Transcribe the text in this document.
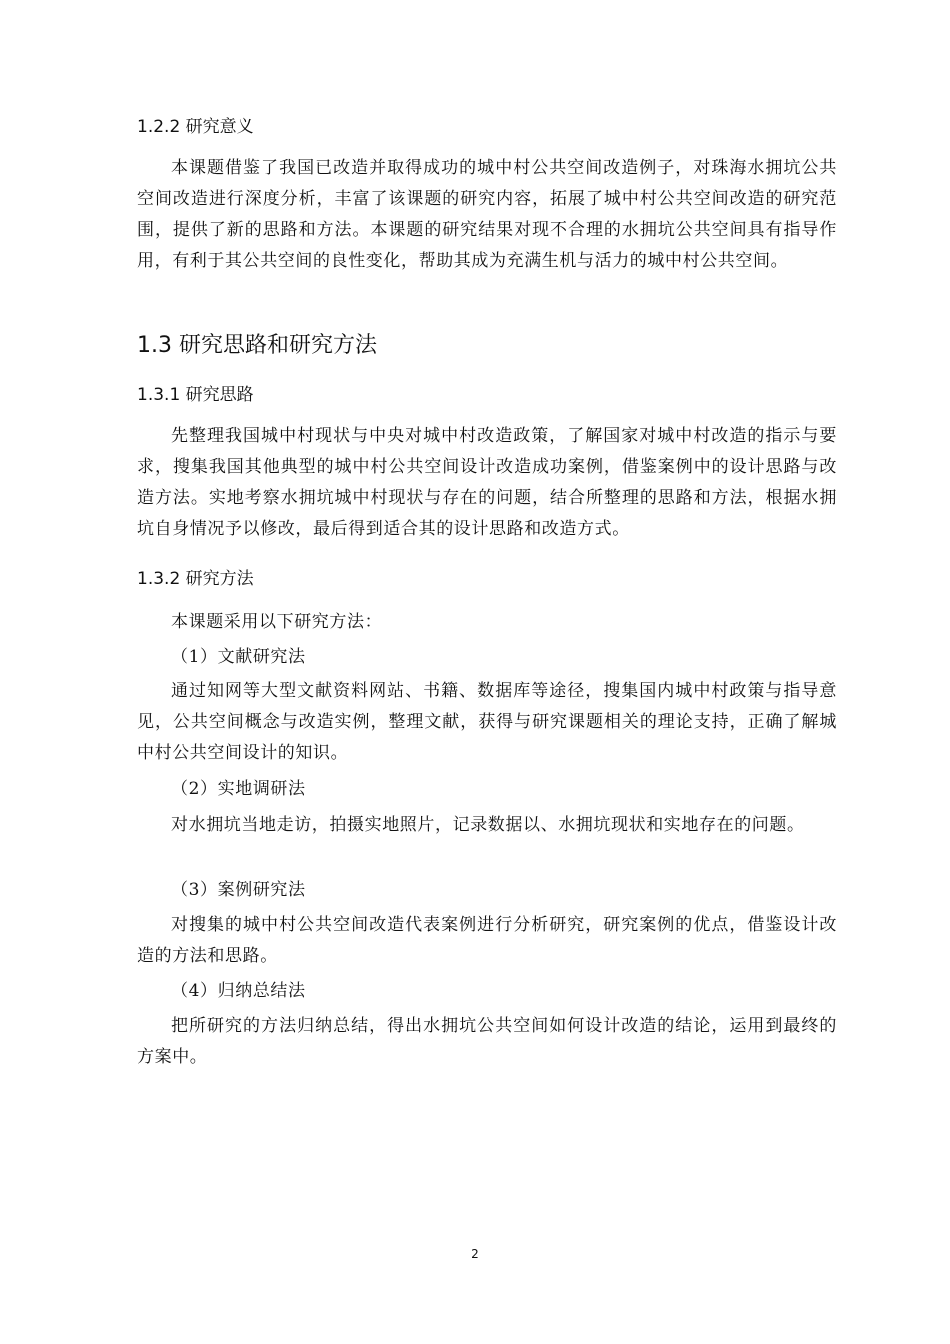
1.2.2 研究意义
本课题借鉴了我国已改造并取得成功的城中村公共空间改造例子，对珠海水拥坑公共空间改造进行深度分析，丰富了该课题的研究内容，拓展了城中村公共空间改造的研究范围，提供了新的思路和方法。本课题的研究结果对现不合理的水拥坑公共空间具有指导作用，有利于其公共空间的良性变化，帮助其成为充满生机与活力的城中村公共空间。
1.3 研究思路和研究方法
1.3.1 研究思路
先整理我国城中村现状与中央对城中村改造政策，了解国家对城中村改造的指示与要求，搜集我国其他典型的城中村公共空间设计改造成功案例，借鉴案例中的设计思路与改造方法。实地考察水拥坑城中村现状与存在的问题，结合所整理的思路和方法，根据水拥坑自身情况予以修改，最后得到适合其的设计思路和改造方式。
1.3.2 研究方法
本课题采用以下研究方法：
（1）文献研究法
通过知网等大型文献资料网站、书籍、数据库等途径，搜集国内城中村政策与指导意见，公共空间概念与改造实例，整理文献，获得与研究课题相关的理论支持，正确了解城中村公共空间设计的知识。
（2）实地调研法
对水拥坑当地走访，拍摄实地照片，记录数据以、水拥坑现状和实地存在的问题。
（3）案例研究法
对搜集的城中村公共空间改造代表案例进行分析研究，研究案例的优点，借鉴设计改造的方法和思路。
（4）归纳总结法
把所研究的方法归纳总结，得出水拥坑公共空间如何设计改造的结论，运用到最终的方案中。
2
